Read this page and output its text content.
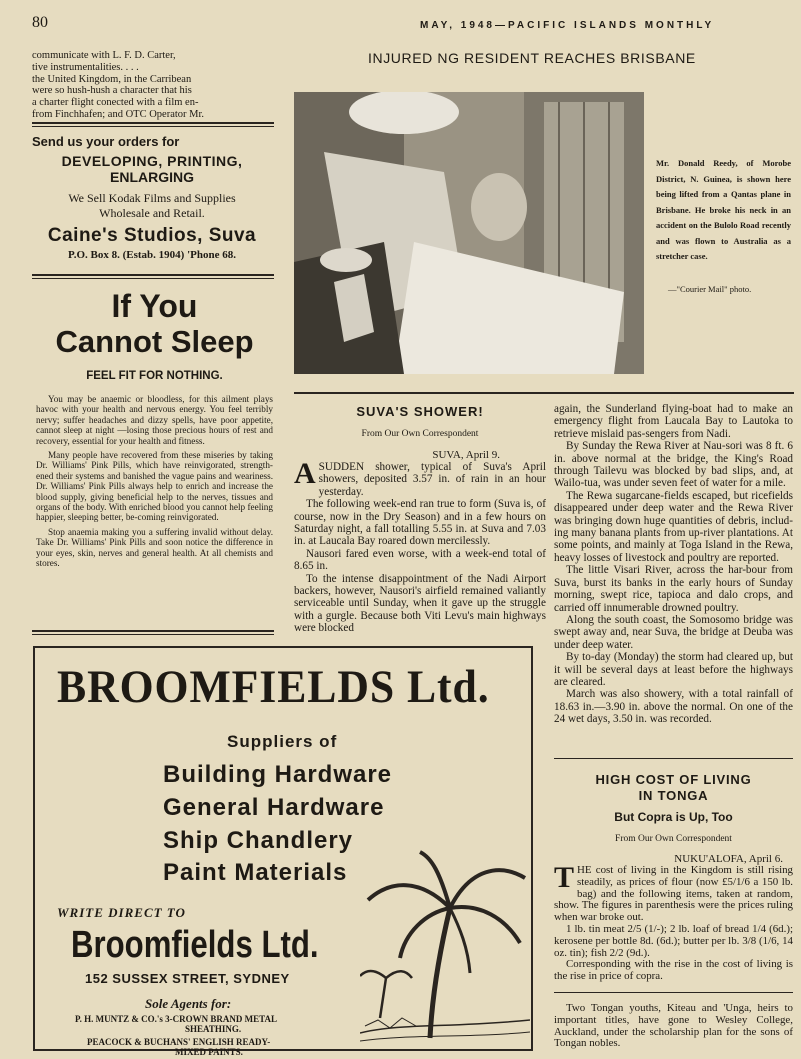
80	MAY, 1948—PACIFIC ISLANDS MONTHLY
communicate with L. F. D. Carter,
tive instrumentalities. . . .
the United Kingdom, in the Carribean
were so hush-hush a character that his
a charter flight conected with a film en-
from Finchhafen; and OTC Operator Mr.
Send us your orders for
DEVELOPING, PRINTING,
ENLARGING
We Sell Kodak Films and Supplies
Wholesale and Retail.
Caine's Studios, Suva
P.O. Box 8. (Estab. 1904) 'Phone 68.
If You
Cannot Sleep
FEEL FIT FOR NOTHING.

You may be anaemic or bloodless, for this ailment plays havoc with your health and nervous energy. You feel terribly nervy; suffer headaches and dizzy spells, have poor appetite, cannot sleep at night —losing those precious hours of rest and recovery, essential for your health and fitness.

Many people have recovered from these miseries by taking Dr. Williams' Pink Pills, which have reinvigorated, strength-ened their systems and banished the vague pains and weariness. Dr. Williams' Pink Pills always help to enrich and increase the blood supply, giving beneficial help to the nerves, tissues and organs of the body. With enriched blood you cannot help feeling happier, sleeping better, be-coming reinvigorated.

Stop anaemia making you a suffering invalid without delay. Take Dr. Williams' Pink Pills and soon notice the difference in your eyes, skin, nerves and general health. At all chemists and stores.

INJURED NG RESIDENT REACHES BRISBANE
Mr. Donald Reedy, of Morobe District, N. Guinea, is shown here being lifted from a Qantas plane in Brisbane. He broke his neck in an accident on the Bulolo Road recently and was flown to Australia as a stretcher case.
—"Courier Mail" photo.
SUVA'S SHOWER!
From Our Own Correspondent
SUVA, April 9.

A SUDDEN shower, typical of Suva's April showers, deposited 3.57 in. of rain in an hour yesterday.

The following week-end ran true to form (Suva is, of course, now in the Dry Season) and in a few hours on Saturday night, a fall totalling 5.55 in. at Suva and 7.03 in. at Laucala Bay roared down mercilessly.

Nausori fared even worse, with a week-end total of 8.65 in.

To the intense disappointment of the Nadi Airport backers, however, Nausori's airfield remained valiantly serviceable until Sunday, when it gave up the struggle with a gurgle. Because both Viti Levu's main highways were blocked

again, the Sunderland flying-boat had to make an emergency flight from Laucala Bay to Lautoka to retrieve mislaid pas-sengers from Nadi.

By Sunday the Rewa River at Nau-sori was 8 ft. 6 in. above normal at the bridge, the King's Road through Tailevu was blocked by bad slips, and, at Wailo-tua, was under seven feet of water for a mile.

The Rewa sugarcane-fields escaped, but ricefields disappeared under deep water and the Rewa River was bringing down huge quantities of debris, includ-ing many banana plants from up-river plantations. At some points, and mainly at Toga Island in the Rewa, heavy losses of livestock and poultry are reported.

The little Visari River, across the har-bour from Suva, burst its banks in the early hours of Sunday morning, swept rice, tapioca and dalo crops, and carried off innumerable drowned poultry.

Along the south coast, the Somosomo bridge was swept away and, near Suva, the bridge at Deuba was under deep water.

By to-day (Monday) the storm had cleared up, but it will be several days at least before the highways are cleared.

March was also showery, with a total rainfall of 18.63 in.—3.90 in. above the normal. On one of the 24 wet days, 3.50 in. was recorded.

HIGH COST OF LIVING
IN TONGA
But Copra is Up, Too
From Our Own Correspondent
NUKU'ALOFA, April 6.

T HE cost of living in the Kingdom is still rising steadily, as prices of flour (now £5/1/6 a 150 lb. bag) and the following items, taken at random, show. The figures in parenthesis were the prices ruling when war broke out.

1 lb. tin meat 2/5 (1/-); 2 lb. loaf of bread 1/4 (6d.); kerosene per bottle 8d. (6d.); butter per lb. 3/8 (1/6, 14 oz. tin); fish 2/2 (9d.).

Corresponding with the rise in the cost of living is the rise in price of copra.

Two Tongan youths, Kiteau and 'Unga, heirs to important titles, have gone to Wesley College, Auckland, under the scholarship plan for the sons of Tongan nobles.

BROOMFIELDS Ltd.
Suppliers of
Building Hardware
General Hardware
Ship Chandlery
Paint Materials
WRITE DIRECT TO
Broomfields Ltd.
152 SUSSEX STREET, SYDNEY
Sole Agents for:
P. H. MUNTZ & CO.'s 3-CROWN BRAND METAL
SHEATHING.
PEACOCK & BUCHANS' ENGLISH READY-
MIXED PAINTS.
